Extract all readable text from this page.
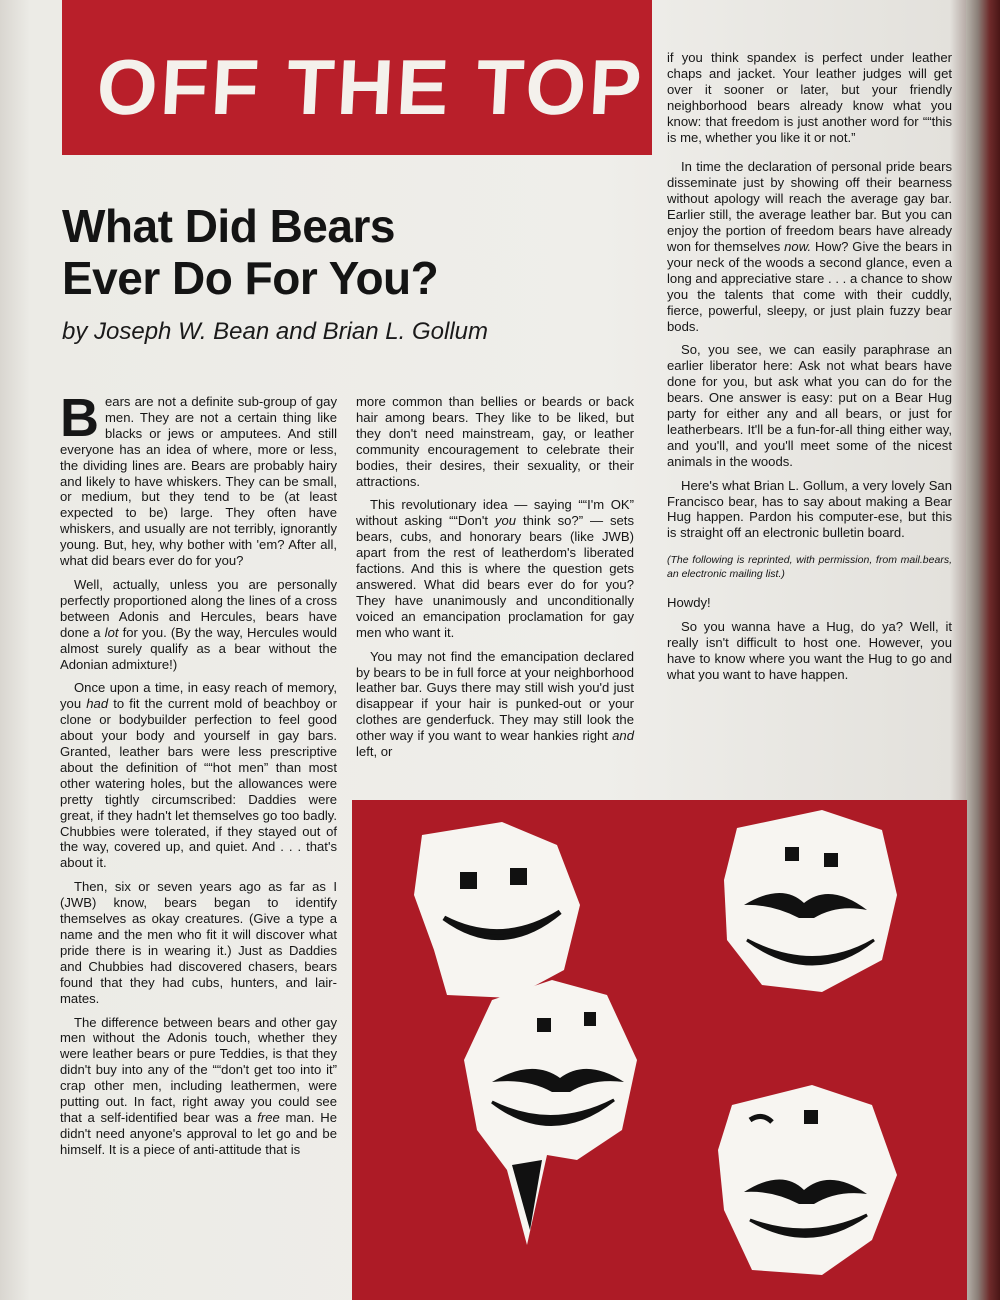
OFF THE TOP
What Did Bears
Ever Do For You?

by Joseph W. Bean and Brian L. Gollum

Bears are not a definite sub-group of gay men. They are not a certain thing like blacks or jews or amputees. And still everyone has an idea of where, more or less, the dividing lines are. Bears are probably hairy and likely to have whiskers. They can be small, or medium, but they tend to be (at least expected to be) large. They often have whiskers, and usually are not terribly, ignorantly young. But, hey, why bother with 'em? After all, what did bears ever do for you?

Well, actually, unless you are personally perfectly proportioned along the lines of a cross between Adonis and Hercules, bears have done a lot for you. (By the way, Hercules would almost surely qualify as a bear without the Adonian admixture!)

Once upon a time, in easy reach of memory, you had to fit the current mold of beachboy or clone or bodybuilder perfection to feel good about your body and yourself in gay bars. Granted, leather bars were less prescriptive about the definition of ““hot men” than most other watering holes, but the allowances were pretty tightly circumscribed: Daddies were great, if they hadn't let themselves go too badly. Chubbies were tolerated, if they stayed out of the way, covered up, and quiet. And . . . that's about it.

Then, six or seven years ago as far as I (JWB) know, bears began to identify themselves as okay creatures. (Give a type a name and the men who fit it will discover what pride there is in wearing it.) Just as Daddies and Chubbies had discovered chasers, bears found that they had cubs, hunters, and lair-mates.

The difference between bears and other gay men without the Adonis touch, whether they were leather bears or pure Teddies, is that they didn't buy into any of the ““don't get too into it” crap other men, including leathermen, were putting out. In fact, right away you could see that a self-identified bear was a free man. He didn't need anyone's approval to let go and be himself. It is a piece of anti-attitude that is

more common than bellies or beards or back hair among bears. They like to be liked, but they don't need mainstream, gay, or leather community encouragement to celebrate their bodies, their desires, their sexuality, or their attractions.

This revolutionary idea — saying ““I'm OK” without asking ““Don't you think so?” — sets bears, cubs, and honorary bears (like JWB) apart from the rest of leatherdom's liberated factions. And this is where the question gets answered. What did bears ever do for you? They have unanimously and unconditionally voiced an emancipation proclamation for gay men who want it.

You may not find the emancipation declared by bears to be in full force at your neighborhood leather bar. Guys there may still wish you'd just disappear if your hair is punked-out or your clothes are genderfuck. They may still look the other way if you want to wear hankies right and left, or

if you think spandex is perfect under leather chaps and jacket. Your leather judges will get over it sooner or later, but your friendly neighborhood bears already know what you know: that freedom is just another word for ““this is me, whether you like it or not.”

In time the declaration of personal pride bears disseminate just by showing off their bearness without apology will reach the average gay bar. Earlier still, the average leather bar. But you can enjoy the portion of freedom bears have already won for themselves now. How? Give the bears in your neck of the woods a second glance, even a long and appreciative stare . . . a chance to show you the talents that come with their cuddly, fierce, powerful, sleepy, or just plain fuzzy bear bods.

So, you see, we can easily paraphrase an earlier liberator here: Ask not what bears have done for you, but ask what you can do for the bears. One answer is easy: put on a Bear Hug party for either any and all bears, or just for leatherbears. It'll be a fun-for-all thing either way, and you'll, and you'll meet some of the nicest animals in the woods.

Here's what Brian L. Gollum, a very lovely San Francisco bear, has to say about making a Bear Hug happen. Pardon his computer-ese, but this is straight off an electronic bulletin board.

(The following is reprinted, with permission, from mail.bears, an electronic mailing list.)

Howdy!

So you wanna have a Hug, do ya? Well, it really isn't difficult to host one. However, you have to know where you want the Hug to go and what you want to have happen.
